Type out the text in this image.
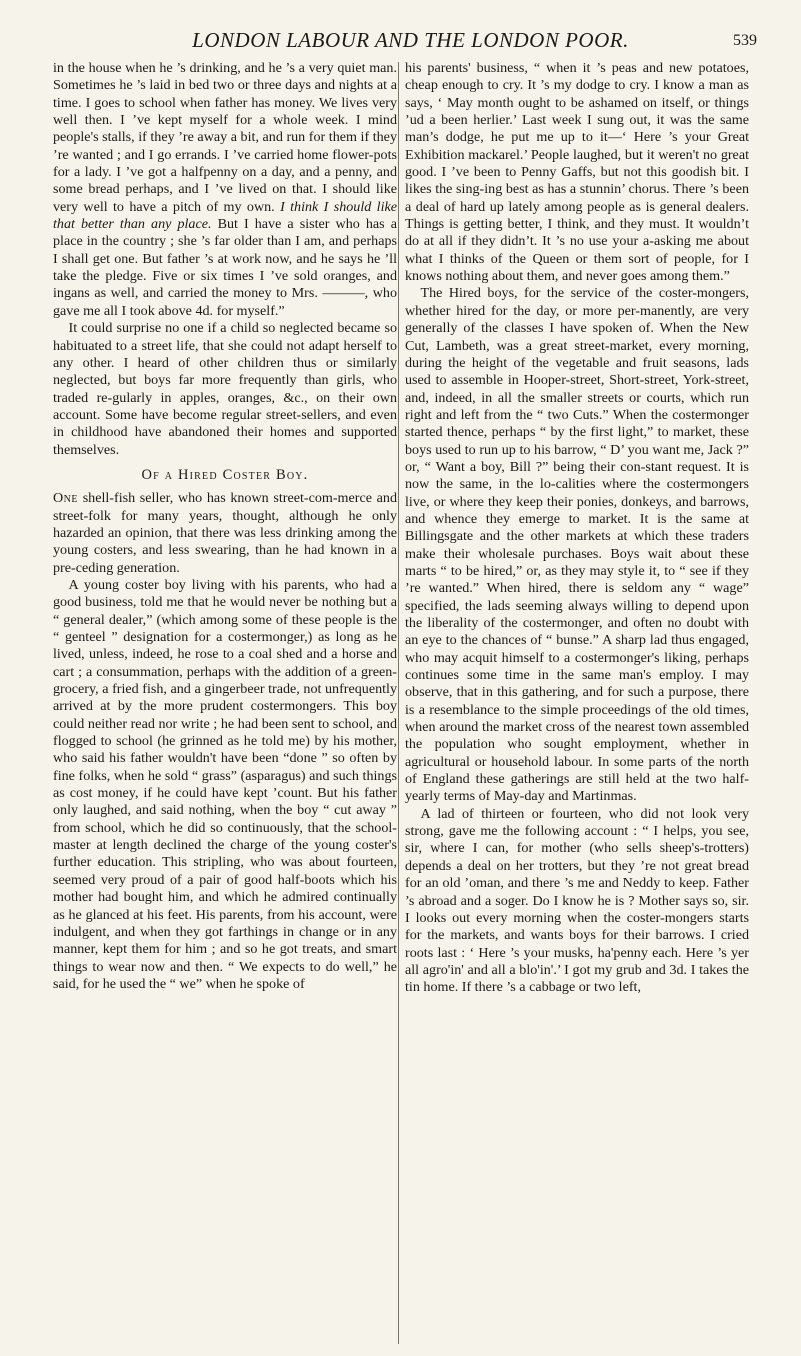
LONDON LABOUR AND THE LONDON POOR.	539

in the house when he ’s drinking, and he ’s a very quiet man. Sometimes he ’s laid in bed two or three days and nights at a time. I goes to school when father has money. We lives very well then. I ’ve kept myself for a whole week. I mind people's stalls, if they ’re away a bit, and run for them if they ’re wanted ; and I go errands. I ’ve carried home flower-pots for a lady. I ’ve got a halfpenny on a day, and a penny, and some bread perhaps, and I ’ve lived on that. I should like very well to have a pitch of my own. I think I should like that better than any place. But I have a sister who has a place in the country ; she ’s far older than I am, and perhaps I shall get one. But father ’s at work now, and he says he ’ll take the pledge. Five or six times I ’ve sold oranges, and ingans as well, and carried the money to Mrs. ———, who gave me all I took above 4d. for myself.”

It could surprise no one if a child so neglected became so habituated to a street life, that she could not adapt herself to any other. I heard of other children thus or similarly neglected, but boys far more frequently than girls, who traded re-gularly in apples, oranges, &c., on their own account. Some have become regular street-sellers, and even in childhood have abandoned their homes and supported themselves.

Of a Hired Coster Boy.

One shell-fish seller, who has known street-com-merce and street-folk for many years, thought, although he only hazarded an opinion, that there was less drinking among the young costers, and less swearing, than he had known in a pre-ceding generation.

A young coster boy living with his parents, who had a good business, told me that he would never be nothing but a “ general dealer,” (which among some of these people is the “ genteel ” designation for a costermonger,) as long as he lived, unless, indeed, he rose to a coal shed and a horse and cart ; a consummation, perhaps with the addition of a green-grocery, a fried fish, and a gingerbeer trade, not unfrequently arrived at by the more prudent costermongers. This boy could neither read nor write ; he had been sent to school, and flogged to school (he grinned as he told me) by his mother, who said his father wouldn't have been “done ” so often by fine folks, when he sold “ grass” (asparagus) and such things as cost money, if he could have kept ’count. But his father only laughed, and said nothing, when the boy “ cut away ” from school, which he did so continuously, that the school-master at length declined the charge of the young coster's further education. This stripling, who was about fourteen, seemed very proud of a pair of good half-boots which his mother had bought him, and which he admired continually as he glanced at his feet. His parents, from his account, were indulgent, and when they got farthings in change or in any manner, kept them for him ; and so he got treats, and smart things to wear now and then. “ We expects to do well,” he said, for he used the “ we” when he spoke of

his parents' business, “ when it ’s peas and new potatoes, cheap enough to cry. It ’s my dodge to cry. I know a man as says, ‘ May month ought to be ashamed on itself, or things ’ud a been herlier.’ Last week I sung out, it was the same man’s dodge, he put me up to it—‘ Here ’s your Great Exhibition mackarel.’ People laughed, but it weren't no great good. I ’ve been to Penny Gaffs, but not this goodish bit. I likes the sing-ing best as has a stunnin’ chorus. There ’s been a deal of hard up lately among people as is general dealers. Things is getting better, I think, and they must. It wouldn’t do at all if they didn’t. It ’s no use your a-asking me about what I thinks of the Queen or them sort of people, for I knows nothing about them, and never goes among them.”

The Hired boys, for the service of the coster-mongers, whether hired for the day, or more per-manently, are very generally of the classes I have spoken of. When the New Cut, Lambeth, was a great street-market, every morning, during the height of the vegetable and fruit seasons, lads used to assemble in Hooper-street, Short-street, York-street, and, indeed, in all the smaller streets or courts, which run right and left from the “ two Cuts.” When the costermonger started thence, perhaps “ by the first light,” to market, these boys used to run up to his barrow, “ D’ you want me, Jack ?” or, “ Want a boy, Bill ?” being their con-stant request. It is now the same, in the lo-calities where the costermongers live, or where they keep their ponies, donkeys, and barrows, and whence they emerge to market. It is the same at Billingsgate and the other markets at which these traders make their wholesale purchases. Boys wait about these marts “ to be hired,” or, as they may style it, to “ see if they ’re wanted.” When hired, there is seldom any “ wage” specified, the lads seeming always willing to depend upon the liberality of the costermonger, and often no doubt with an eye to the chances of “ bunse.” A sharp lad thus engaged, who may acquit himself to a costermonger's liking, perhaps continues some time in the same man's employ. I may observe, that in this gathering, and for such a purpose, there is a resemblance to the simple proceedings of the old times, when around the market cross of the nearest town assembled the population who sought employment, whether in agricultural or household labour. In some parts of the north of England these gatherings are still held at the two half-yearly terms of May-day and Martinmas.

A lad of thirteen or fourteen, who did not look very strong, gave me the following account : “ I helps, you see, sir, where I can, for mother (who sells sheep's-trotters) depends a deal on her trotters, but they ’re not great bread for an old ’oman, and there ’s me and Neddy to keep. Father ’s abroad and a soger. Do I know he is ? Mother says so, sir. I looks out every morning when the coster-mongers starts for the markets, and wants boys for their barrows. I cried roots last : ‘ Here ’s your musks, ha'penny each. Here ’s yer all agro'in' and all a blo'in'.’ I got my grub and 3d. I takes the tin home. If there ’s a cabbage or two left,
